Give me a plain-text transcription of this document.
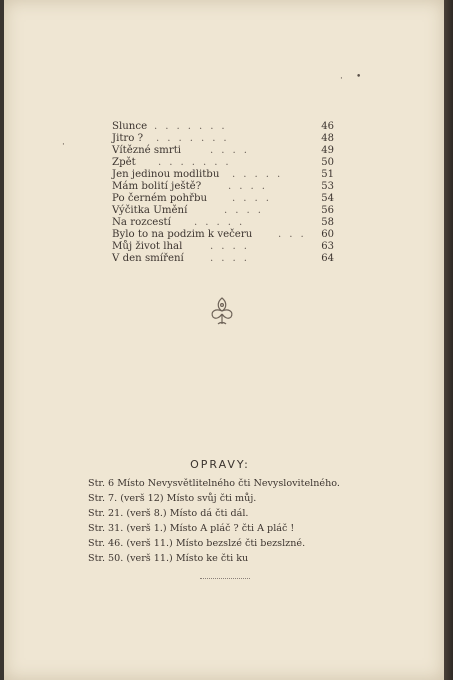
· •
·
Slunce .......	46
Jitro ? .......	48
Vítězné smrti	....	49
Zpět .......	50
Jen jedinou modlitbu .....	51
Mám bolití ještě?	....	53
Po černém pohřbu ....	54
Výčitka Umění	....	56
Na rozcestí .....	58
Bylo to na podzim k večeru	... 60
Můj život lhal	....	63
V den smíření	....	64
OPRAVY:
Str. 6 Místo Nevysvětlitelného čti Nevyslovitelného.
Str. 7. (verš 12) Místo svůj čti můj.
Str. 21. (verš 8.) Místo dá čti dál.
Str. 31. (verš 1.) Místo A pláč ? čti A pláč !
Str. 46. (verš 11.) Místo bezslzé čti bezslzné.
Str. 50. (verš 11.) Místo ke čti ku
